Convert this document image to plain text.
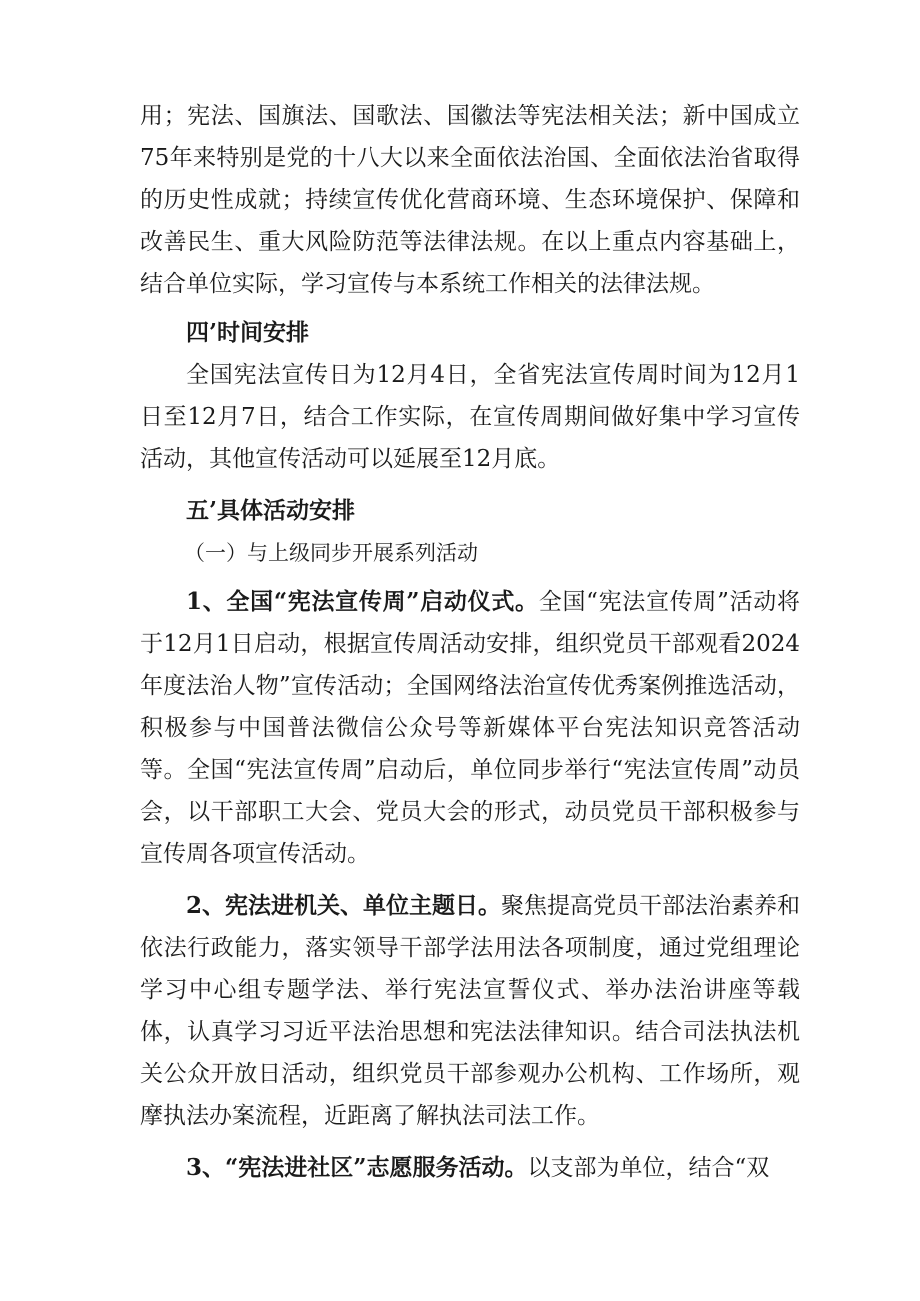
用；宪法、国旗法、国歌法、国徽法等宪法相关法；新中国成立75年来特别是党的十八大以来全面依法治国、全面依法治省取得的历史性成就；持续宣传优化营商环境、生态环境保护、保障和改善民生、重大风险防范等法律法规。在以上重点内容基础上，结合单位实际，学习宣传与本系统工作相关的法律法规。

四’时间安排

全国宪法宣传日为12月4日，全省宪法宣传周时间为12月1日至12月7日，结合工作实际，在宣传周期间做好集中学习宣传活动，其他宣传活动可以延展至12月底。

五’具体活动安排

（一）与上级同步开展系列活动

1、全国“宪法宣传周”启动仪式。全国“宪法宣传周”活动将于12月1日启动，根据宣传周活动安排，组织党员干部观看2024年度法治人物”宣传活动；全国网络法治宣传优秀案例推选活动，积极参与中国普法微信公众号等新媒体平台宪法知识竞答活动等。全国“宪法宣传周”启动后，单位同步举行“宪法宣传周”动员会，以干部职工大会、党员大会的形式，动员党员干部积极参与宣传周各项宣传活动。

2、宪法进机关、单位主题日。聚焦提高党员干部法治素养和依法行政能力，落实领导干部学法用法各项制度，通过党组理论学习中心组专题学法、举行宪法宣誓仪式、举办法治讲座等载体，认真学习习近平法治思想和宪法法律知识。结合司法执法机关公众开放日活动，组织党员干部参观办公机构、工作场所，观摩执法办案流程，近距离了解执法司法工作。

3、“宪法进社区”志愿服务活动。以支部为单位，结合“双
